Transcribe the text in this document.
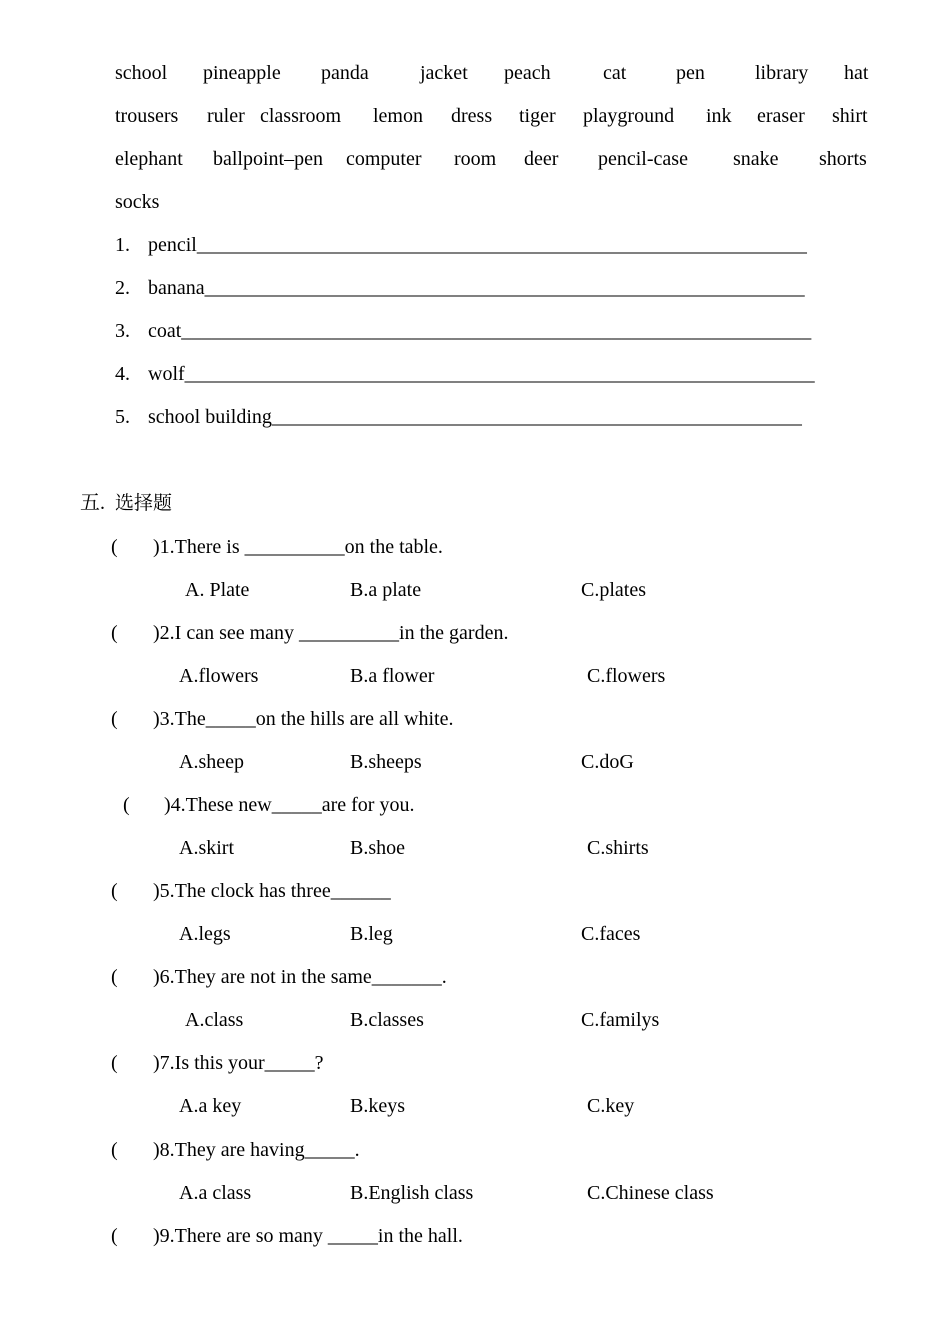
school pineapple panda	jacket peach	cat pen	library hat
trousers ruler classroom lemon dress tiger playground ink eraser shirt
elephant ballpoint–pen computer room deer pencil-case snake shorts
socks
1. pencil_____________________________________________________________
2. banana____________________________________________________________
3. coat_______________________________________________________________
4. wolf_______________________________________________________________
5. school building_____________________________________________________
五. 选择题
( )1.There is __________on the table.
A. Plate	B.a plate	C.plates
( )2.I can see many __________in the garden.
A.flowers	B.a flower	C.flowers
( )3.The_____on the hills are all white.
A.sheep	B.sheeps	C.doG
( )4.These new_____are for you.
A.skirt	B.shoe	C.shirts
( )5.The clock has three______
A.legs	B.leg	C.faces
( )6.They are not in the same_______.
A.class	B.classes	C.familys
( )7.Is this your_____?
A.a key	B.keys	C.key
( )8.They are having_____.
A.a class	B.English class	C.Chinese class
( )9.There are so many _____in the hall.
